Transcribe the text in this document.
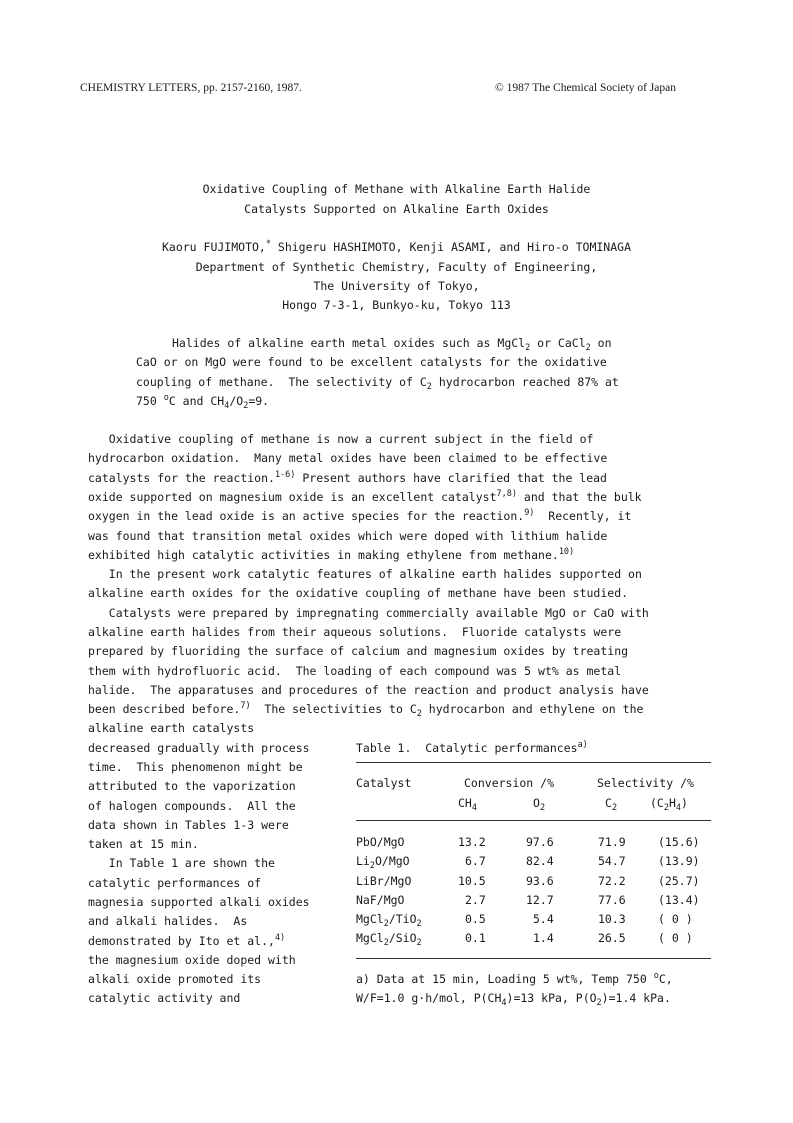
CHEMISTRY LETTERS, pp. 2157-2160, 1987.	© 1987 The Chemical Society of Japan
Oxidative Coupling of Methane with Alkaline Earth Halide
Catalysts Supported on Alkaline Earth Oxides
Kaoru FUJIMOTO,* Shigeru HASHIMOTO, Kenji ASAMI, and Hiro-o TOMINAGA
Department of Synthetic Chemistry, Faculty of Engineering,
The University of Tokyo,
Hongo 7-3-1, Bunkyo-ku, Tokyo 113
Halides of alkaline earth metal oxides such as MgCl$_2$ or CaCl$_2$ on
CaO or on MgO were found to be excellent catalysts for the oxidative
coupling of methane.  The selectivity of $C_2$ hydrocarbon reached 87% at
750 $^o$C and $CH_4/O_2=9$.
Oxidative coupling of methane is now a current subject in the field of
hydrocarbon oxidation.  Many metal oxides have been claimed to be effective
catalysts for the reaction.$^{1-6)}$ Present authors have clarified that the lead
oxide supported on magnesium oxide is an excellent catalyst$^{7,8)}$ and that the bulk
oxygen in the lead oxide is an active species for the reaction.$^{9)}$  Recently, it
was found that transition metal oxides which were doped with lithium halide
exhibited high catalytic activities in making ethylene from methane.$^{10)}$
In the present work catalytic features of alkaline earth halides supported on
alkaline earth oxides for the oxidative coupling of methane have been studied.
Catalysts were prepared by impregnating commercially available MgO or CaO with
alkaline earth halides from their aqueous solutions.  Fluoride catalysts were
prepared by fluoriding the surface of calcium and magnesium oxides by treating
them with hydrofluoric acid.  The loading of each compound was 5 wt% as metal
halide.  The apparatuses and procedures of the reaction and product analysis have
been described before.$^{7)}$  The selectivities to $C_2$ hydrocarbon and ethylene on the
alkaline earth catalysts
decreased gradually with process
time.  This phenomenon might be
attributed to the vaporization
of halogen compounds.  All the
data shown in Tables 1-3 were
taken at 15 min.
In Table 1 are shown the
catalytic performances of
magnesia supported alkali oxides
and alkali halides.  As
demonstrated by Ito et al.,$^{4)}$
the magnesium oxide doped with
alkali oxide promoted its
catalytic activity and
Table 1.  Catalytic performances$^{a)}$
Catalyst	Conversion /%	Selectivity /%
$CH_4$	$O_2$	$C_2$	$(C_2H_4)$
PbO/MgO	13.2	97.6	71.9	(15.6)
$Li_2O$/MgO	6.7	82.4	54.7	(13.9)
LiBr/MgO	10.5	93.6	72.2	(25.7)
NaF/MgO	2.7	12.7	77.6	(13.4)
MgCl$_2$/TiO$_2$	0.5	5.4	10.3	( 0 )
MgCl$_2$/SiO$_2$	0.1	1.4	26.5	( 0 )
a) Data at 15 min, Loading 5 wt%, Temp 750 $^o$C,
W/F=1.0 g·h/mol, $P(CH_4)=13$ kPa, $P(O_2)=1.4$ kPa.
